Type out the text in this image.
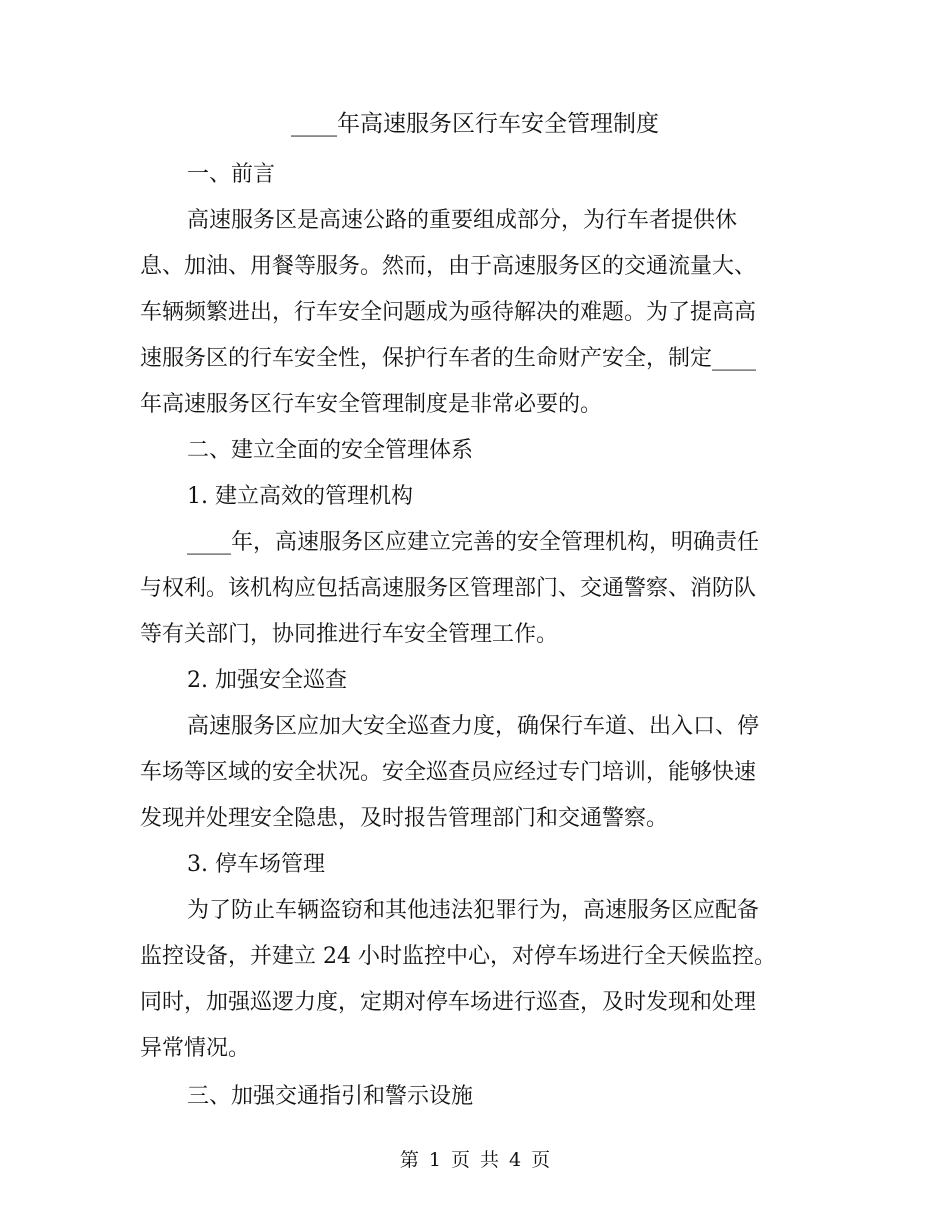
____年高速服务区行车安全管理制度
一、前言
高速服务区是高速公路的重要组成部分，为行车者提供休
息、加油、用餐等服务。然而，由于高速服务区的交通流量大、
车辆频繁进出，行车安全问题成为亟待解决的难题。为了提高高
速服务区的行车安全性，保护行车者的生命财产安全，制定____
年高速服务区行车安全管理制度是非常必要的。
二、建立全面的安全管理体系
1. 建立高效的管理机构
____年，高速服务区应建立完善的安全管理机构，明确责任
与权利。该机构应包括高速服务区管理部门、交通警察、消防队
等有关部门，协同推进行车安全管理工作。
2. 加强安全巡查
高速服务区应加大安全巡查力度，确保行车道、出入口、停
车场等区域的安全状况。安全巡查员应经过专门培训，能够快速
发现并处理安全隐患，及时报告管理部门和交通警察。
3. 停车场管理
为了防止车辆盗窃和其他违法犯罪行为，高速服务区应配备
监控设备，并建立 24 小时监控中心，对停车场进行全天候监控。
同时，加强巡逻力度，定期对停车场进行巡查，及时发现和处理
异常情况。
三、加强交通指引和警示设施
第 1 页 共 4 页
